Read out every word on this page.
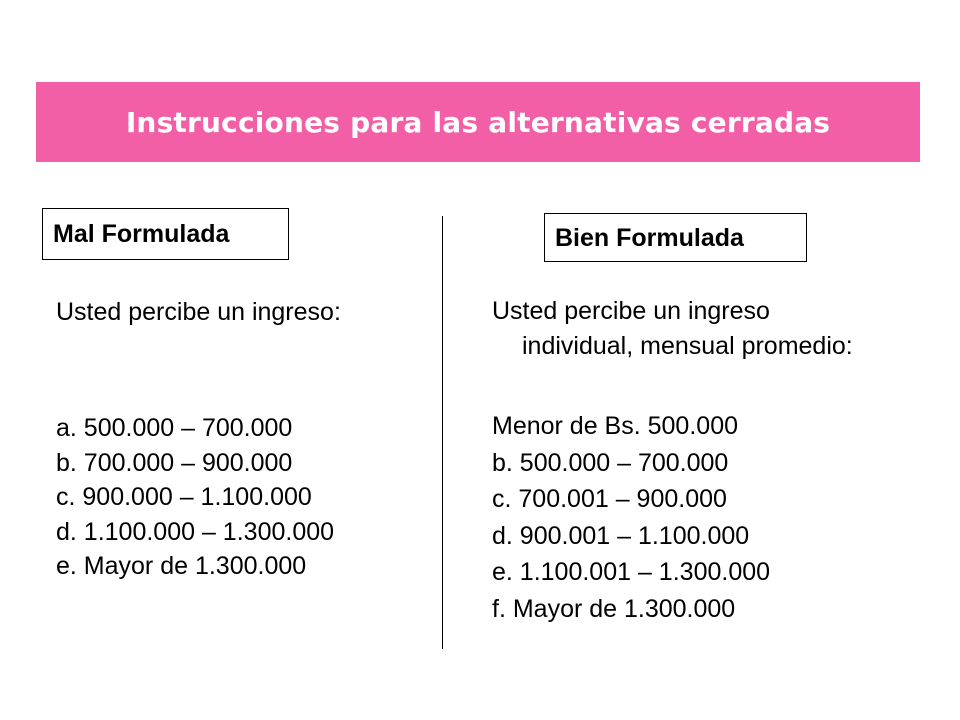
Instrucciones para las alternativas cerradas
Mal Formulada	Bien Formulada
Usted percibe un ingreso:
a. 500.000 – 700.000
b. 700.000 – 900.000
c. 900.000 – 1.100.000
d. 1.100.000 – 1.300.000
e. Mayor de 1.300.000
Usted percibe un ingreso
individual, mensual promedio:
Menor de Bs. 500.000
b. 500.000 – 700.000
c. 700.001 – 900.000
d. 900.001 – 1.100.000
e. 1.100.001 – 1.300.000
f. Mayor de 1.300.000
